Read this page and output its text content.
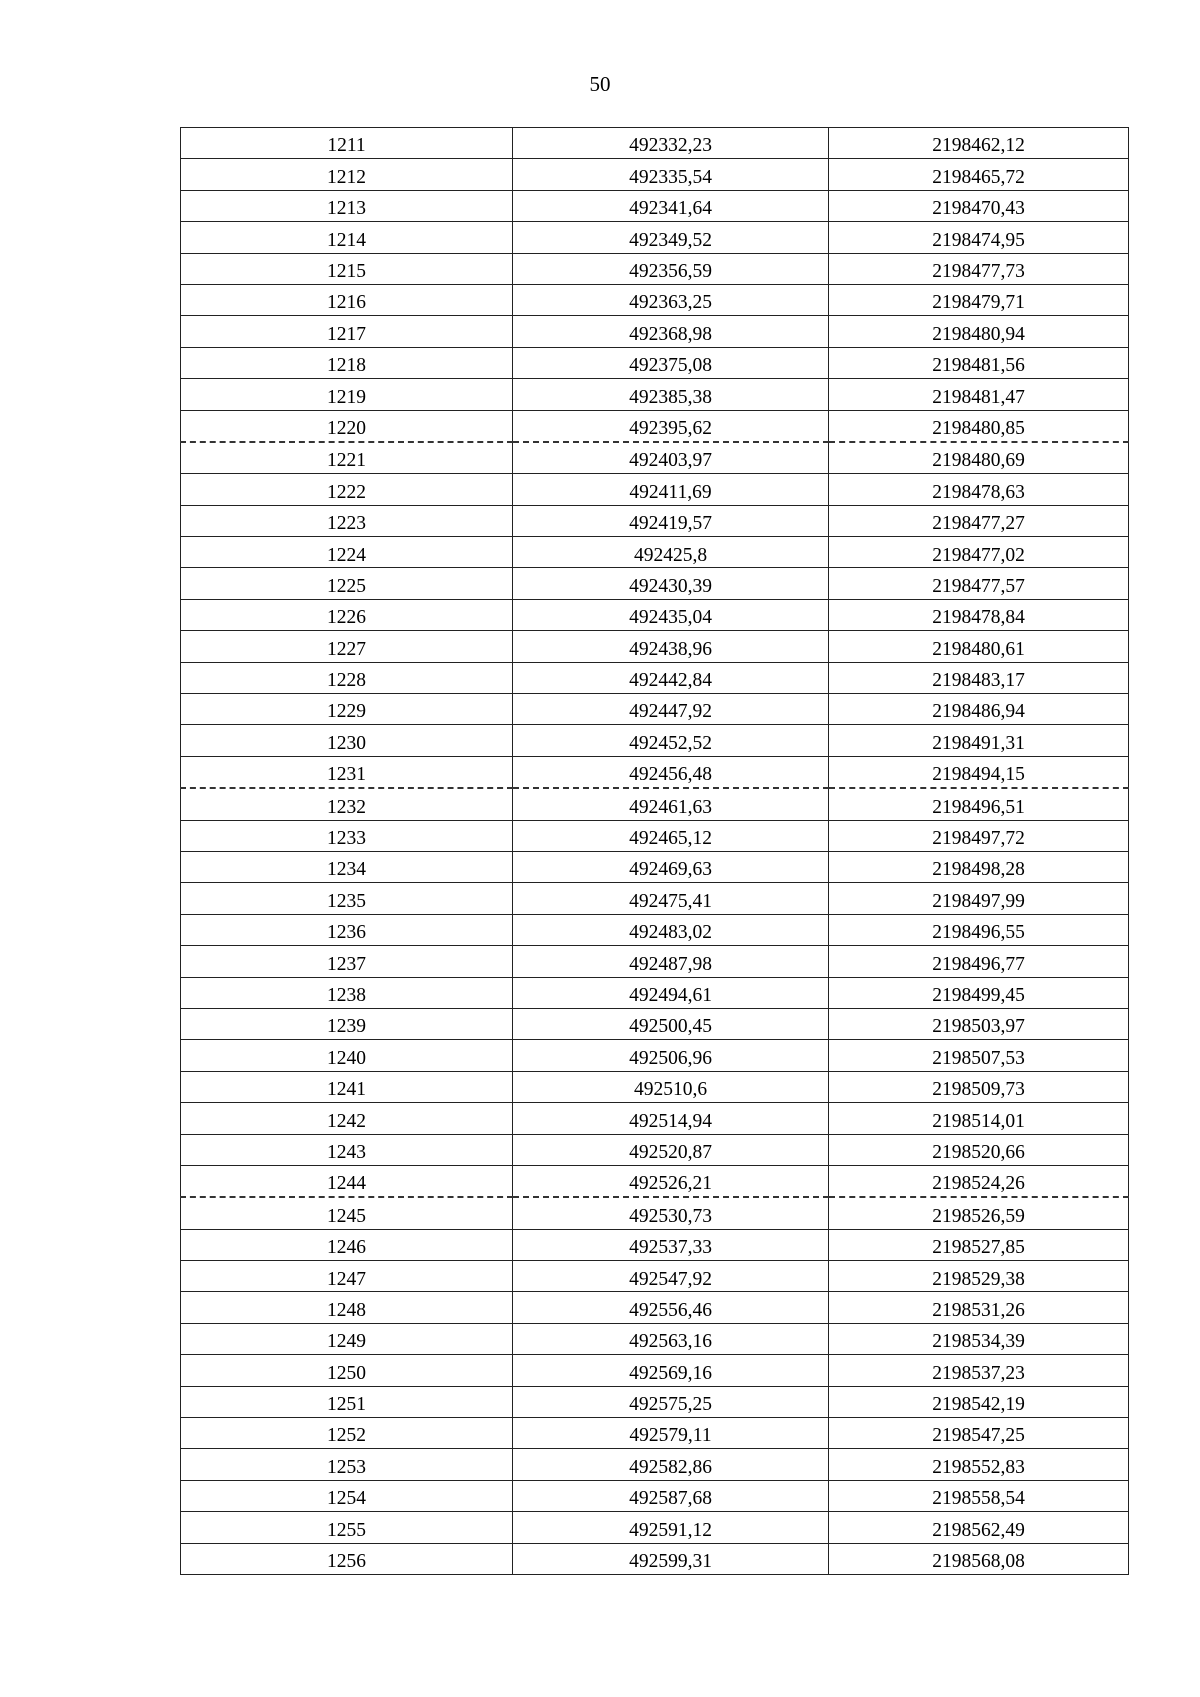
50
1211	492332,23	2198462,12
1212	492335,54	2198465,72
1213	492341,64	2198470,43
1214	492349,52	2198474,95
1215	492356,59	2198477,73
1216	492363,25	2198479,71
1217	492368,98	2198480,94
1218	492375,08	2198481,56
1219	492385,38	2198481,47
1220	492395,62	2198480,85
1221	492403,97	2198480,69
1222	492411,69	2198478,63
1223	492419,57	2198477,27
1224	492425,8	2198477,02
1225	492430,39	2198477,57
1226	492435,04	2198478,84
1227	492438,96	2198480,61
1228	492442,84	2198483,17
1229	492447,92	2198486,94
1230	492452,52	2198491,31
1231	492456,48	2198494,15
1232	492461,63	2198496,51
1233	492465,12	2198497,72
1234	492469,63	2198498,28
1235	492475,41	2198497,99
1236	492483,02	2198496,55
1237	492487,98	2198496,77
1238	492494,61	2198499,45
1239	492500,45	2198503,97
1240	492506,96	2198507,53
1241	492510,6	2198509,73
1242	492514,94	2198514,01
1243	492520,87	2198520,66
1244	492526,21	2198524,26
1245	492530,73	2198526,59
1246	492537,33	2198527,85
1247	492547,92	2198529,38
1248	492556,46	2198531,26
1249	492563,16	2198534,39
1250	492569,16	2198537,23
1251	492575,25	2198542,19
1252	492579,11	2198547,25
1253	492582,86	2198552,83
1254	492587,68	2198558,54
1255	492591,12	2198562,49
1256	492599,31	2198568,08
